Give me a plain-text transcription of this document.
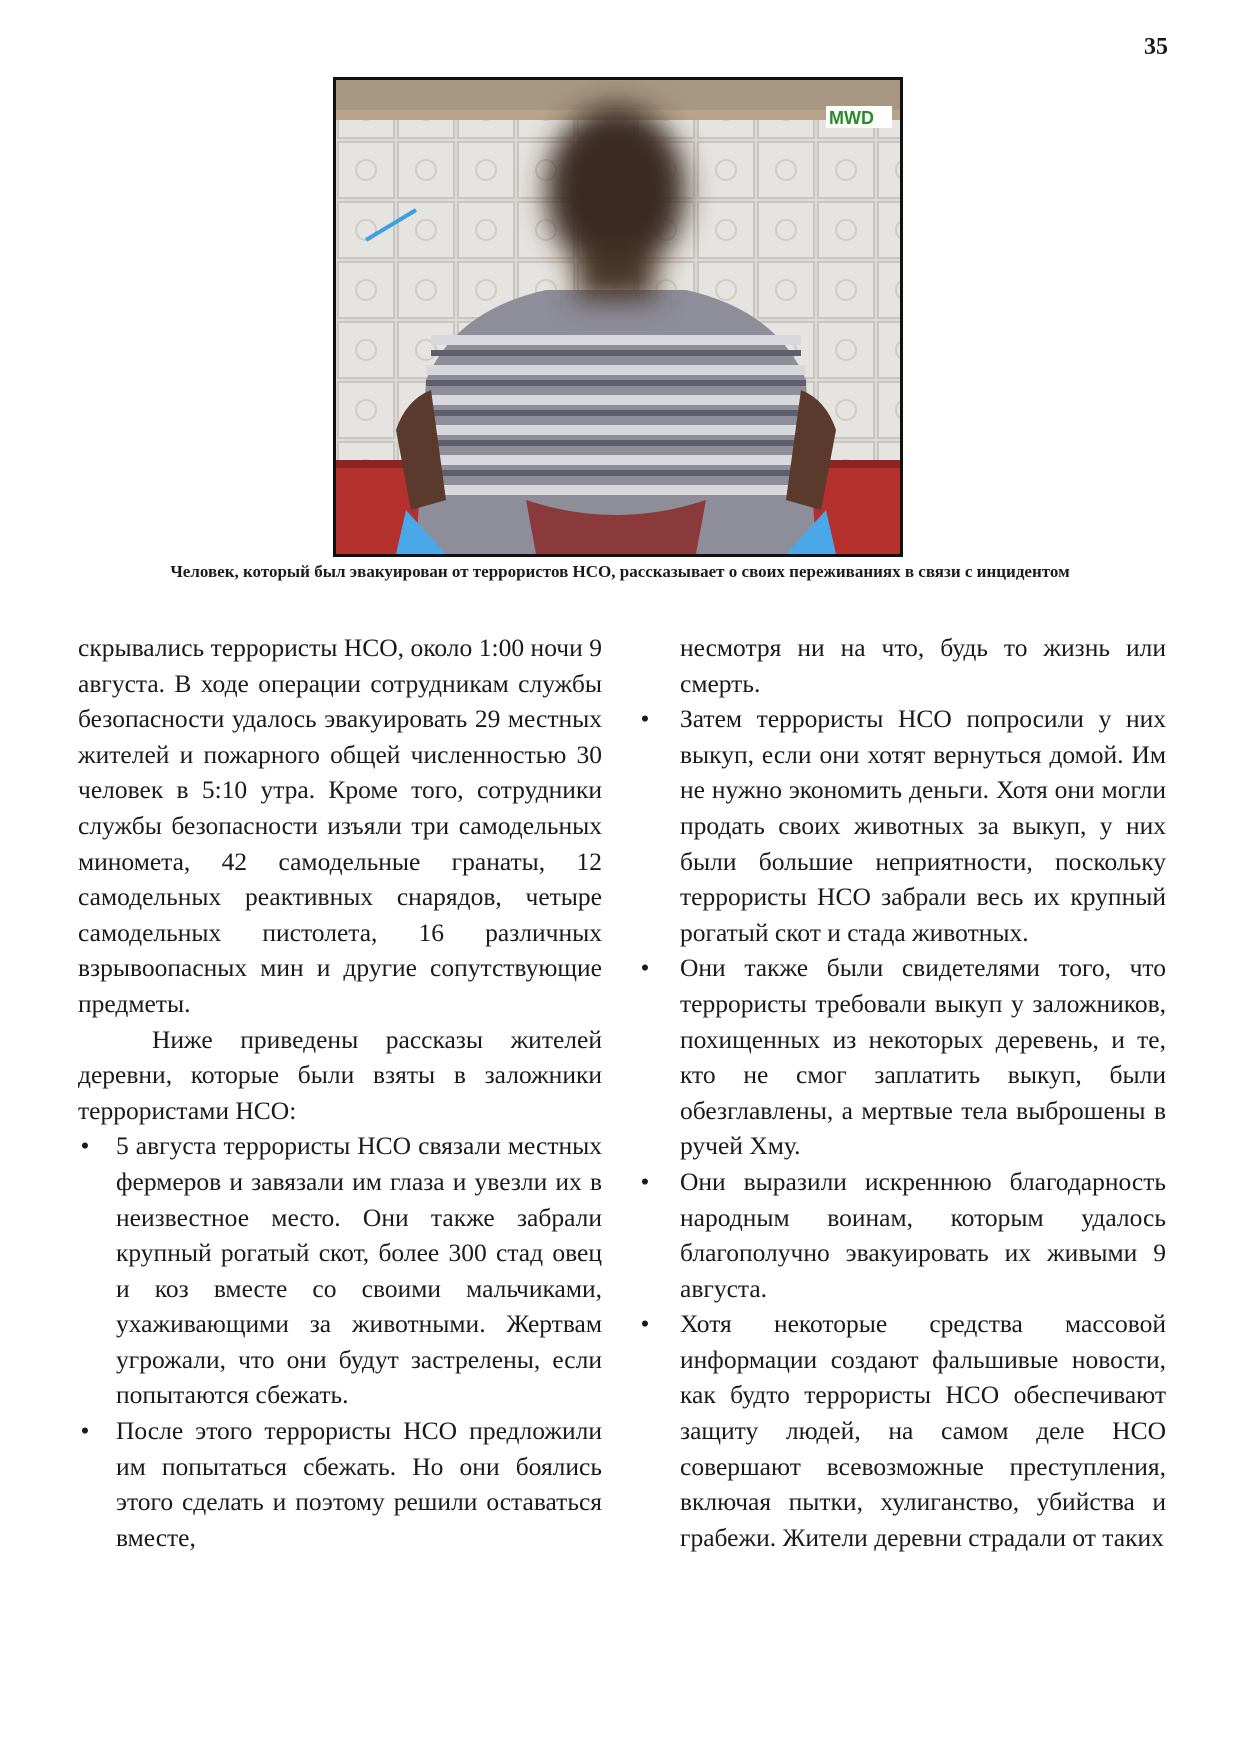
35
MWD
Человек, который был эвакуирован от террористов НСО, рассказывает о своих переживаниях в связи с инцидентом

скрывались террористы НСО, около 1:00 ночи 9 августа. В ходе операции сотрудникам службы безопасности удалось эвакуировать 29 местных жителей и пожарного общей численностью 30 человек в 5:10 утра. Кроме того, сотрудники службы безопасности изъяли три самодельных миномета, 42 самодельные гранаты, 12 самодельных реактивных снарядов, четыре самодельных пистолета, 16 различных взрывоопасных мин и другие сопутствующие предметы.

Ниже приведены рассказы жителей деревни, которые были взяты в заложники террористами НСО:

• 5 августа террористы НСО связали местных фермеров и завязали им глаза и увезли их в неизвестное место. Они также забрали крупный рогатый скот, более 300 стад овец и коз вместе со своими мальчиками, ухаживающими за животными. Жертвам угрожали, что они будут застрелены, если попытаются сбежать.
• После этого террористы НСО предложили им попытаться сбежать. Но они боялись этого сделать и поэтому решили оставаться вместе,

несмотря ни на что, будь то жизнь или смерть.

• Затем террористы НСО попросили у них выкуп, если они хотят вернуться домой. Им не нужно экономить деньги. Хотя они могли продать своих животных за выкуп, у них были большие неприятности, поскольку террористы НСО забрали весь их крупный рогатый скот и стада животных.
• Они также были свидетелями того, что террористы требовали выкуп у заложников, похищенных из некоторых деревень, и те, кто не смог заплатить выкуп, были обезглавлены, а мертвые тела выброшены в ручей Хму.
• Они выразили искреннюю благодарность народным воинам, которым удалось благополучно эвакуировать их живыми 9 августа.
• Хотя некоторые средства массовой информации создают фальшивые новости, как будто террористы НСО обеспечивают защиту людей, на самом деле НСО совершают всевозможные преступления, включая пытки, хулиганство, убийства и грабежи. Жители деревни страдали от таких
